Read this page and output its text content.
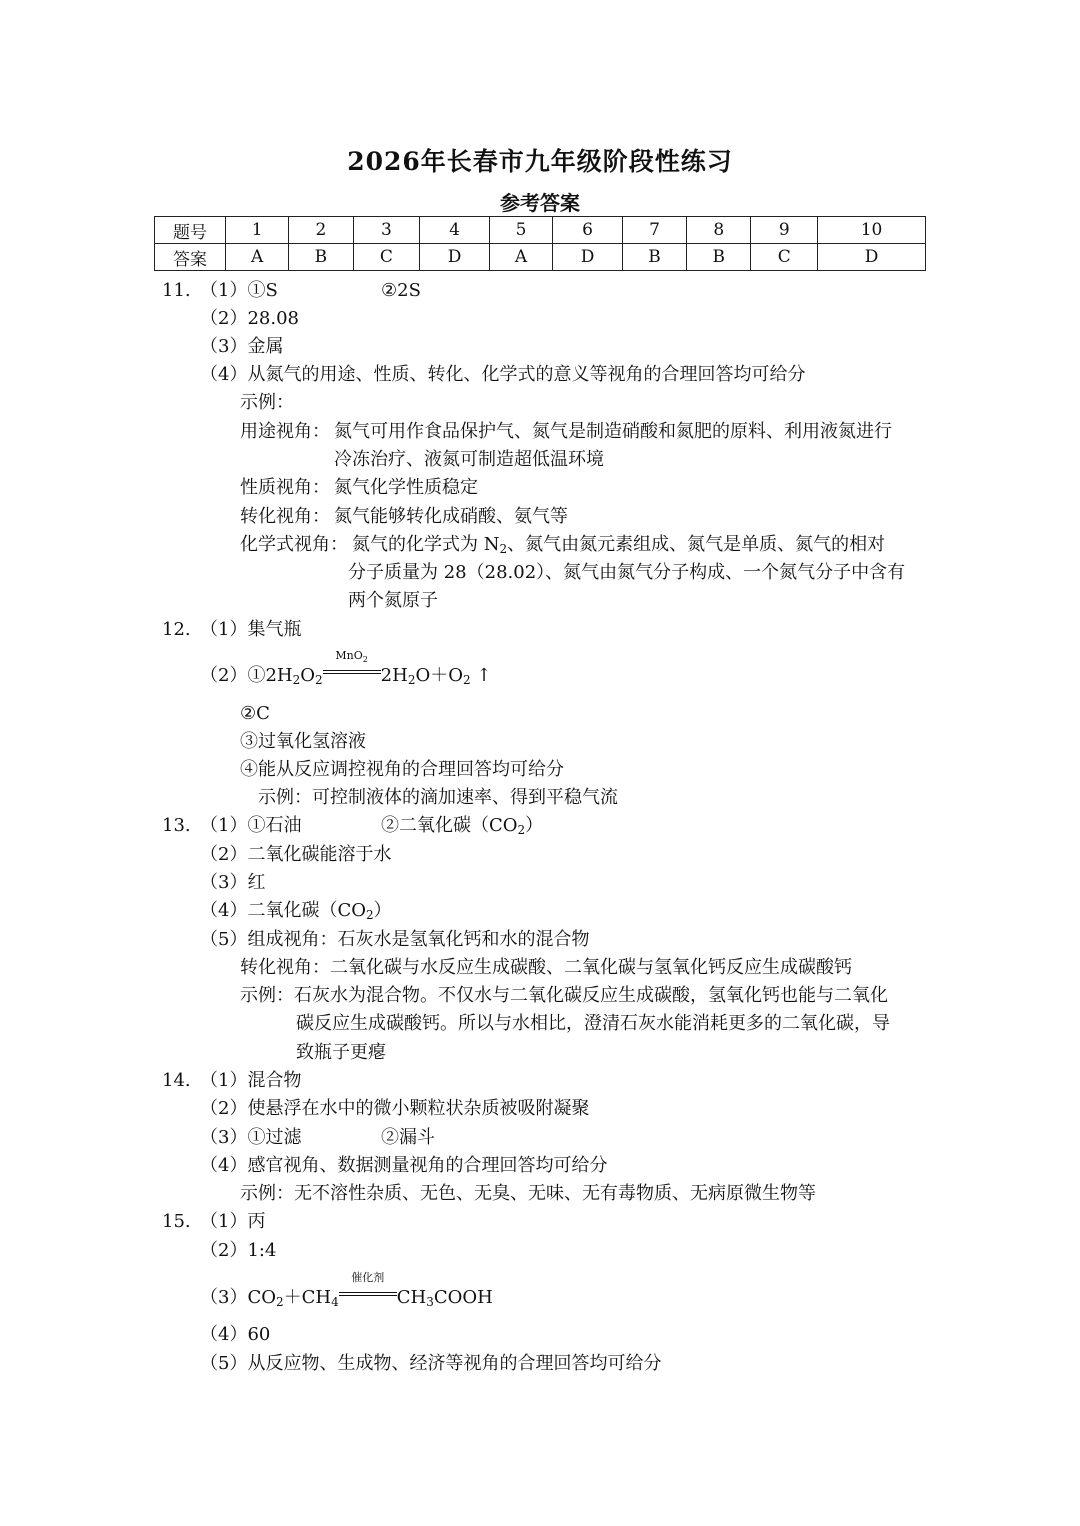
2026年长春市九年级阶段性练习
参考答案
题号	1	2	3	4	5	6	7	8	9	10
答案	A	B	C	D	A	D	B	B	C	D
11. （1）①S	②2S
（2）28.08
（3）金属
（4）从氮气的用途、性质、转化、化学式的意义等视角的合理回答均可给分
示例：
用途视角： 氮气可用作食品保护气、氮气是制造硝酸和氮肥的原料、利用液氮进行
冷冻治疗、液氮可制造超低温环境
性质视角： 氮气化学性质稳定
转化视角： 氮气能够转化成硝酸、氨气等
化学式视角： 氮气的化学式为 $N_2$、氮气由氮元素组成、氮气是单质、氮气的相对
分子质量为 28（28.02）、氮气由氮气分子构成、一个氮气分子中含有
两个氮原子
12. （1）集气瓶
$(2)①2H_2O_2$
MnO$_2$
$2H_2O+O_2$ ↑
②C
③过氧化氢溶液
④能从反应调控视角的合理回答均可给分
示例：可控制液体的滴加速率、得到平稳气流
13. （1）①石油	②二氧化碳$(CO_2)$
（2）二氧化碳能溶于水
（3）红
（4）二氧化碳$(CO_2)$
（5）组成视角：石灰水是氢氧化钙和水的混合物
转化视角：二氧化碳与水反应生成碳酸、二氧化碳与氢氧化钙反应生成碳酸钙
示例：石灰水为混合物。不仅水与二氧化碳反应生成碳酸，氢氧化钙也能与二氧化
碳反应生成碳酸钙。所以与水相比，澄清石灰水能消耗更多的二氧化碳，导
致瓶子更瘪
14. （1）混合物
（2）使悬浮在水中的微小颗粒状杂质被吸附凝聚
（3）①过滤	②漏斗
（4）感官视角、数据测量视角的合理回答均可给分
示例：无不溶性杂质、无色、无臭、无味、无有毒物质、无病原微生物等
15. （1）丙
（2）1:4
$(3)CO_2+CH_4$
催化剂
$CH_3COOH$
（4）60
（5）从反应物、生成物、经济等视角的合理回答均可给分
